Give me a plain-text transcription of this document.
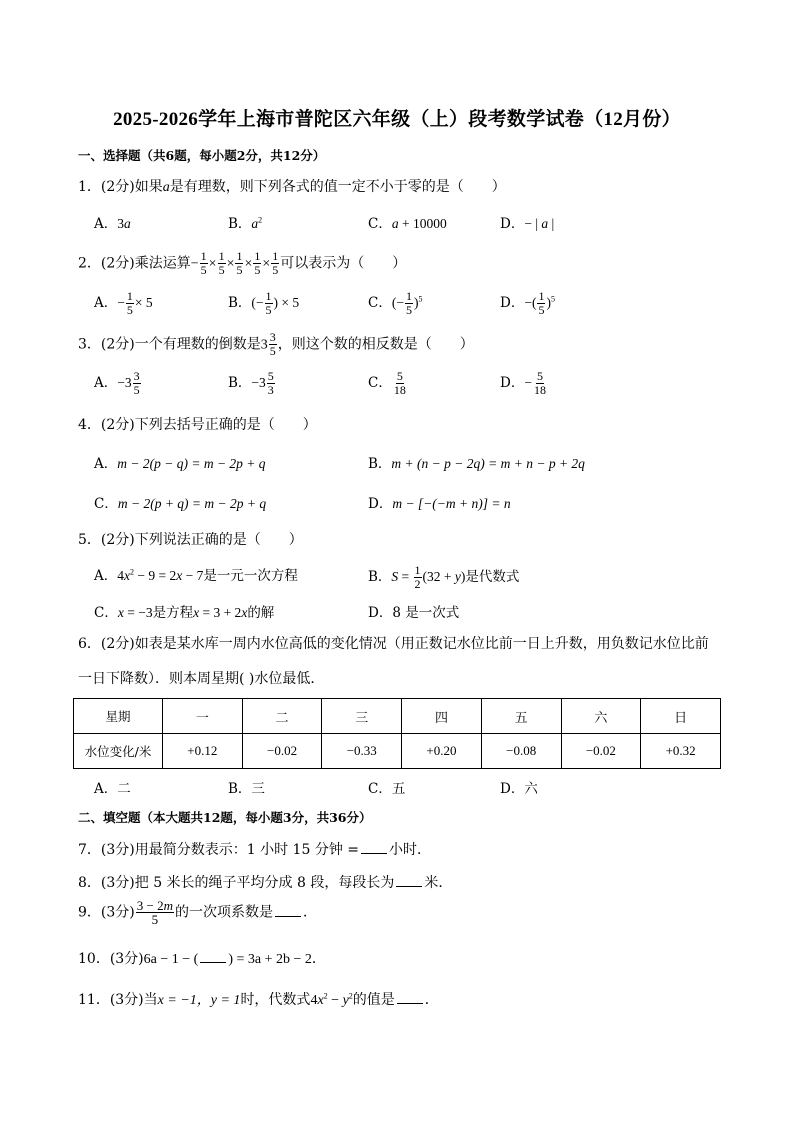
2025-2026学年上海市普陀区六年级（上）段考数学试卷（12月份）
一、选择题（共6题，每小题2分，共12分）
1．(2分)如果a是有理数，则下列各式的值一定不小于零的是（　　）
A．3a	B．$a^2$	C．a + 10000	D．− | a |
2．(2分)乘法运算− $\frac{1}{5} \times \frac{1}{5} \times \frac{1}{5} \times \frac{1}{5} \times \frac{1}{5}$ 可以表示为（　　）
A．− $\frac{1}{5} \times 5$	B．(− $\frac{1}{5}$ ) × 5	C．(− $\frac{1}{5} )^5$	D．−( $\frac{1}{5} )^5$
3．(2分)一个有理数的倒数是$3 \frac{3}{5}$ ，则这个数的相反数是（　　）
A．$-3 \frac{3}{5}$	B．$-3 \frac{5}{3}$	C． $\frac{5}{18}$	D．− $\frac{5}{18}$
4．(2分)下列去括号正确的是（　　）
A．m − 2(p − q) = m − 2p + q	B．m + (n − p − 2q) = m + n − p + 2q
C．m − 2(p + q) = m − 2p + q	D．m − [−(−m + n)] = n
5．(2分)下列说法正确的是（　　）
A．$4x^2 - 9 = 2x - 7$是一元一次方程	B．$S = \frac{1}{2} (32 + y)$是代数式
C．x = −3是方程x = 3 + 2x的解	D．8 是一次式
6．(2分)如表是某水库一周内水位高低的变化情况（用正数记水位比前一日上升数，用负数记水位比前
一日下降数）．则本周星期( )水位最低．
星期	一	二	三	四	五	六	日
水位变化/米	+0.12	−0.02	−0.33	+0.20	−0.08	−0.02	+0.32
A．二	B．三	C．五	D．六
二、填空题（本大题共12题，每小题3分，共36分）
7．(3分)用最简分数表示：1 小时 15 分钟 = 小时．
8．(3分)把 5 米长的绳子平均分成 8 段，每段长为 米．
9．(3分) $\frac{3 - 2m}{5}$ 的一次项系数是 ．
10．(3分)6a − 1 − ( ) = 3a + 2b − 2．
11．(3分)当x = −1，y = 1时，代数式$4x^2 - y^2$的值是 ．
